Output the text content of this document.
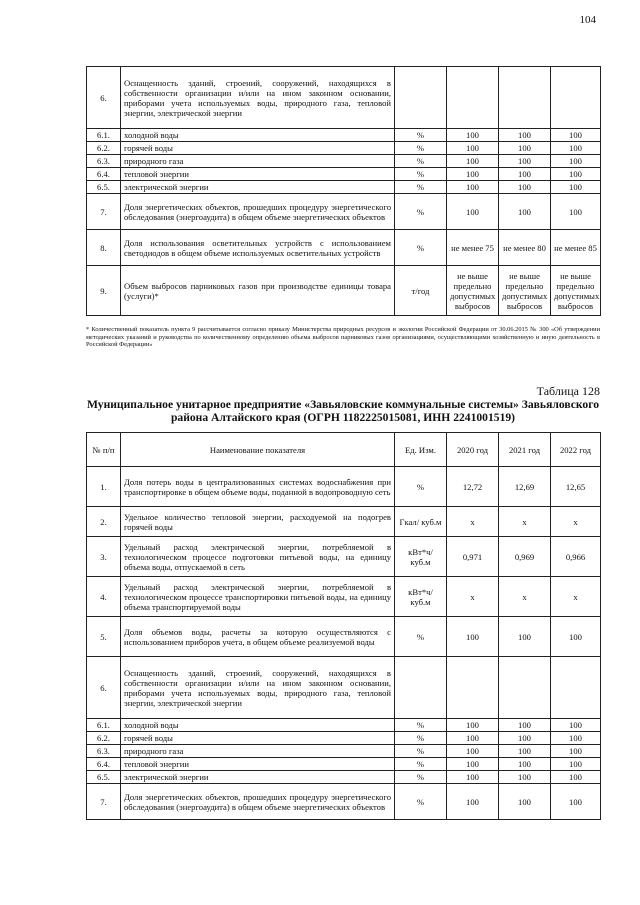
104
6.	Оснащенность зданий, строений, сооружений, находящихся в собственности организации и/или на ином законном основании, приборами учета используемых воды, природного газа, тепловой энергии, электрической энергии				
6.1.	холодной воды	%	100	100	100
6.2.	горячей воды	%	100	100	100
6.3.	природного газа	%	100	100	100
6.4.	тепловой энергии	%	100	100	100
6.5.	электрической энергии	%	100	100	100
7.	Доля энергетических объектов, прошедших процедуру энергетического обследования (энергоаудита) в общем объеме энергетических объектов	%	100	100	100
8.	Доля использования осветительных устройств с использованием светодиодов в общем объеме используемых осветительных устройств	%	не менее 75	не менее 80	не менее 85
9.	Объем выбросов парниковых газов при производстве единицы товара (услуги)*	т/год	не выше предельно допустимых выбросов	не выше предельно допустимых выбросов	не выше предельно допустимых выбросов
* Количественный показатель пункта 9 рассчитывается согласно приказу Министерства природных ресурсов и экологии Российской Федерации от 30.06.2015 № 300 «Об утверждении методических указаний и руководства по количественному определению объема выбросов парниковых газов организациями, осуществляющими хозяйственную и иную деятельность в Российской Федерации»
Таблица 128
Муниципальное унитарное предприятие «Завьяловские коммунальные системы» Завьяловского района Алтайского края (ОГРН 1182225015081, ИНН 2241001519)
№ п/п	Наименование показателя	Ед. Изм.	2020 год	2021 год	2022 год
1.	Доля потерь воды в централизованных системах водоснабжения при транспортировке в общем объеме воды, поданной в водопроводную сеть	%	12,72	12,69	12,65
2.	Удельное количество тепловой энергии, расходуемой на подогрев горячей воды	Гкал/ куб.м	х	х	х
3.	Удельный расход электрической энергии, потребляемой в технологическом процессе подготовки питьевой воды, на единицу объема воды, отпускаемой в сеть	кВт*ч/ куб.м	0,971	0,969	0,966
4.	Удельный расход электрической энергии, потребляемой в технологическом процессе транспортировки питьевой воды, на единицу объема транспортируемой воды	кВт*ч/ куб.м	х	х	х
5.	Доля объемов воды, расчеты за которую осуществляются с использованием приборов учета, в общем объеме реализуемой воды	%	100	100	100
6.	Оснащенность зданий, строений, сооружений, находящихся в собственности организации и/или на ином законном основании, приборами учета используемых воды, природного газа, тепловой энергии, электрической энергии				
6.1.	холодной воды	%	100	100	100
6.2.	горячей воды	%	100	100	100
6.3.	природного газа	%	100	100	100
6.4.	тепловой энергии	%	100	100	100
6.5.	электрической энергии	%	100	100	100
7.	Доля энергетических объектов, прошедших процедуру энергетического обследования (энергоаудита) в общем объеме энергетических объектов	%	100	100	100
